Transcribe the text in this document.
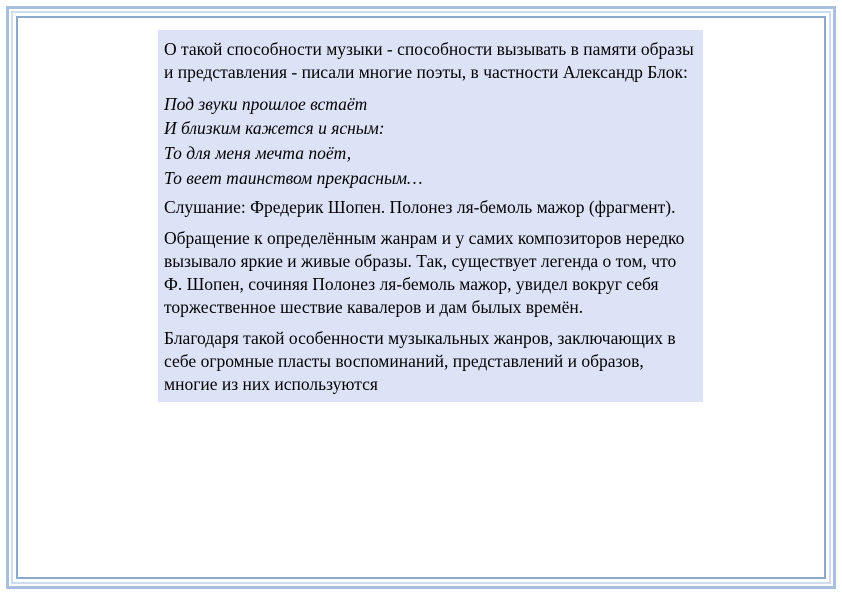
О такой способности музыки - способности вызывать в памяти образы и представления - писали многие поэты, в частности Александр Блок:

Под звуки прошлое встаёт
И близким кажется и ясным:
То для меня мечта поёт,
То веет таинством прекрасным…

Слушание: Фредерик Шопен. Полонез ля-бемоль мажор (фрагмент).

Обращение к определённым жанрам и у самих композиторов нередко вызывало яркие и живые образы. Так, существует легенда о том, что Ф. Шопен, сочиняя Полонез ля-бемоль мажор, увидел вокруг себя торжественное шествие кавалеров и дам былых времён.

Благодаря такой особенности музыкальных жанров, заключающих в себе огромные пласты воспоминаний, представлений и образов, многие из них используются
